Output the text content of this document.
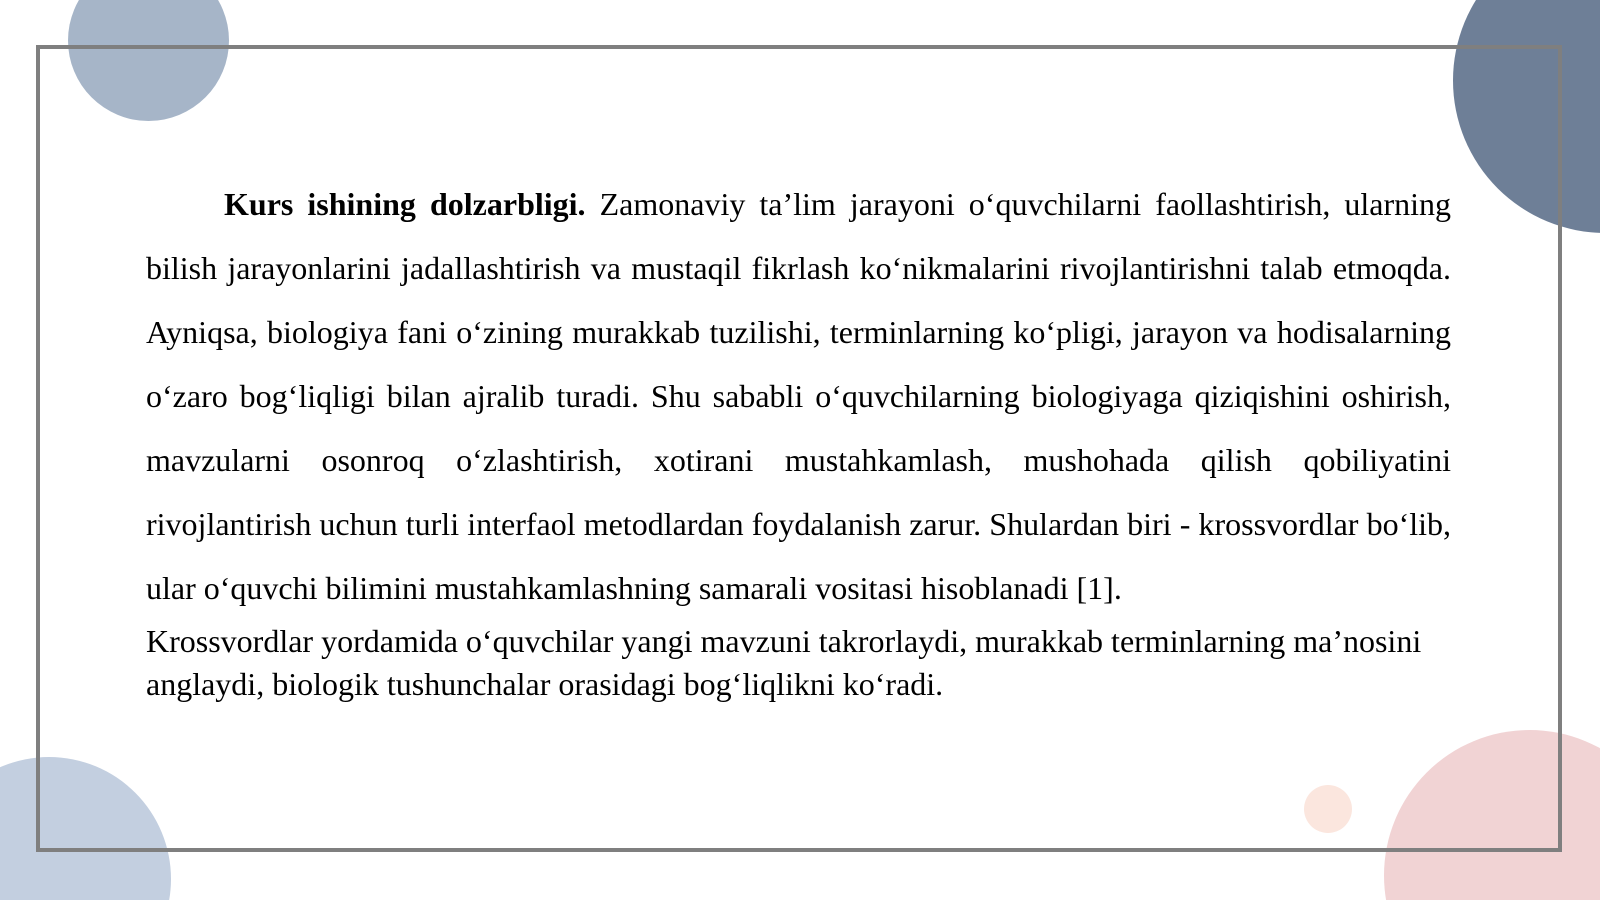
Kurs ishining dolzarbligi. Zamonaviy ta’lim jarayoni o‘quvchilarni faollashtirish, ularning bilish jarayonlarini jadallashtirish va mustaqil fikrlash ko‘nikmalarini rivojlantirishni talab etmoqda. Ayniqsa, biologiya fani o‘zining murakkab tuzilishi, terminlarning ko‘pligi, jarayon va hodisalarning o‘zaro bog‘liqligi bilan ajralib turadi. Shu sababli o‘quvchilarning biologiyaga qiziqishini oshirish, mavzularni osonroq o‘zlashtirish, xotirani mustahkamlash, mushohada qilish qobiliyatini rivojlantirish uchun turli interfaol metodlardan foydalanish zarur. Shulardan biri - krossvordlar bo‘lib, ular o‘quvchi bilimini mustahkamlashning samarali vositasi hisoblanadi [1].

Krossvordlar yordamida o‘quvchilar yangi mavzuni takrorlaydi, murakkab terminlarning ma’nosini anglaydi, biologik tushunchalar orasidagi bog‘liqlikni ko‘radi.
